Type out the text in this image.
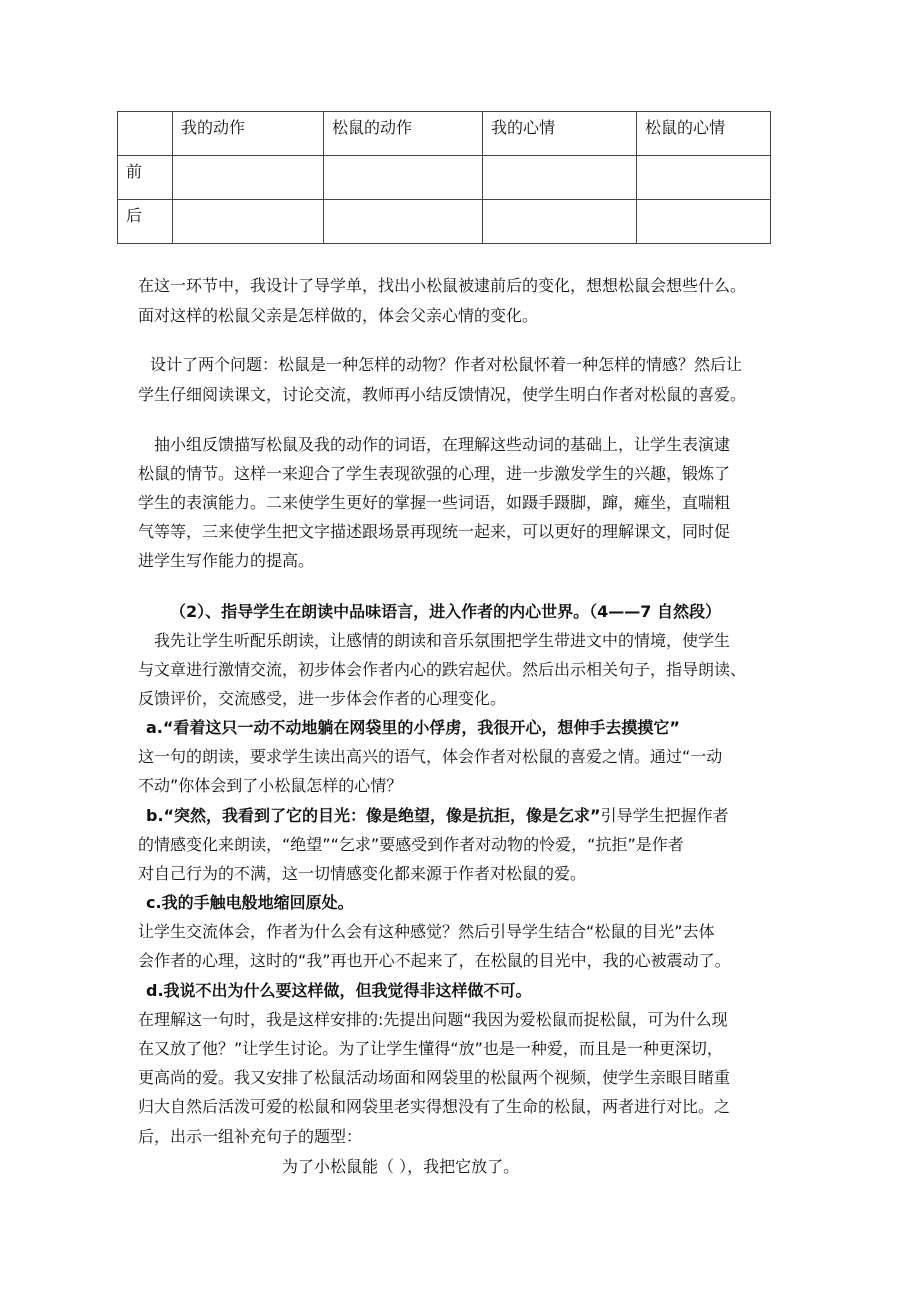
	我的动作	松鼠的动作	我的心情	松鼠的心情
前				
后				
在这一环节中，我设计了导学单，找出小松鼠被逮前后的变化，想想松鼠会想些什么。
面对这样的松鼠父亲是怎样做的，体会父亲心情的变化。
设计了两个问题：松鼠是一种怎样的动物？作者对松鼠怀着一种怎样的情感？然后让
学生仔细阅读课文，讨论交流，教师再小结反馈情况，使学生明白作者对松鼠的喜爱。
抽小组反馈描写松鼠及我的动作的词语，在理解这些动词的基础上，让学生表演逮
松鼠的情节。这样一来迎合了学生表现欲强的心理，进一步激发学生的兴趣，锻炼了
学生的表演能力。二来使学生更好的掌握一些词语，如蹑手蹑脚，蹿，瘫坐，直喘粗
气等等，三来使学生把文字描述跟场景再现统一起来，可以更好的理解课文，同时促
进学生写作能力的提高。
（2）、指导学生在朗读中品味语言，进入作者的内心世界。（4——7 自然段）
我先让学生听配乐朗读，让感情的朗读和音乐氛围把学生带进文中的情境，使学生
与文章进行激情交流，初步体会作者内心的跌宕起伏。然后出示相关句子，指导朗读、
反馈评价，交流感受，进一步体会作者的心理变化。
a.“看着这只一动不动地躺在网袋里的小俘虏，我很开心，想伸手去摸摸它”
这一句的朗读，要求学生读出高兴的语气，体会作者对松鼠的喜爱之情。通过“一动
不动”你体会到了小松鼠怎样的心情？
b.“突然，我看到了它的目光：像是绝望，像是抗拒，像是乞求”引导学生把握作者
的情感变化来朗读，“绝望”“乞求”要感受到作者对动物的怜爱，“抗拒”是作者
对自己行为的不满，这一切情感变化都来源于作者对松鼠的爱。
c.我的手触电般地缩回原处。
让学生交流体会，作者为什么会有这种感觉？然后引导学生结合“松鼠的目光”去体
会作者的心理，这时的“我”再也开心不起来了，在松鼠的目光中，我的心被震动了。
d.我说不出为什么要这样做，但我觉得非这样做不可。
在理解这一句时，我是这样安排的:先提出问题“我因为爱松鼠而捉松鼠，可为什么现
在又放了他？”让学生讨论。为了让学生懂得“放”也是一种爱，而且是一种更深切，
更高尚的爱。我又安排了松鼠活动场面和网袋里的松鼠两个视频，使学生亲眼目睹重
归大自然后活泼可爱的松鼠和网袋里老实得想没有了生命的松鼠，两者进行对比。之
后，出示一组补充句子的题型：
为了小松鼠能（ ），我把它放了。
